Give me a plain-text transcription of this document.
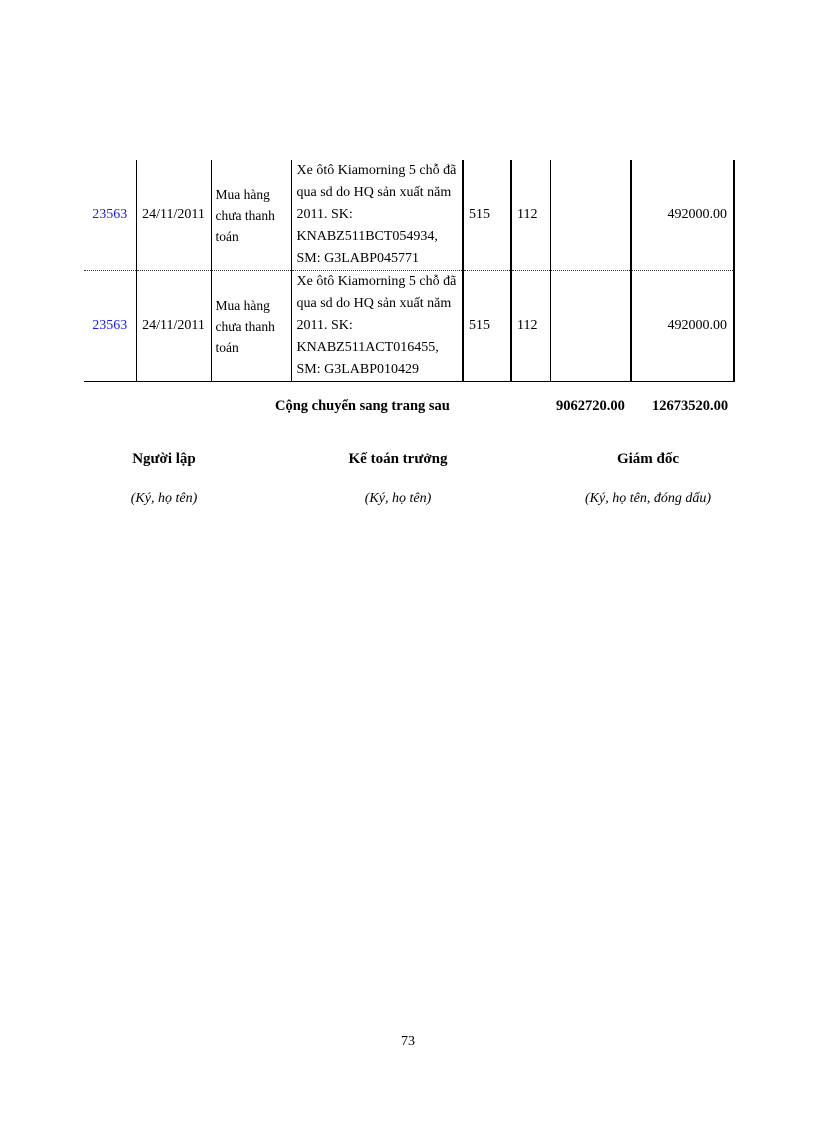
23563	24/11/2011	Mua hàng chưa thanh toán	Xe ôtô Kiamorning 5 chỗ đã qua sd do HQ sản xuất năm 2011. SK: KNABZ511BCT054934, SM: G3LABP045771	515	112		492000.00
23563	24/11/2011	Mua hàng chưa thanh toán	Xe ôtô Kiamorning 5 chỗ đã qua sd do HQ sản xuất năm 2011. SK: KNABZ511ACT016455, SM: G3LABP010429	515	112		492000.00
Cộng chuyển sang trang sau	9062720.00 12673520.00
Người lập
(Ký, họ tên)
Kế toán trưởng
(Ký, họ tên)
Giám đốc
(Ký, họ tên, đóng dấu)
73
